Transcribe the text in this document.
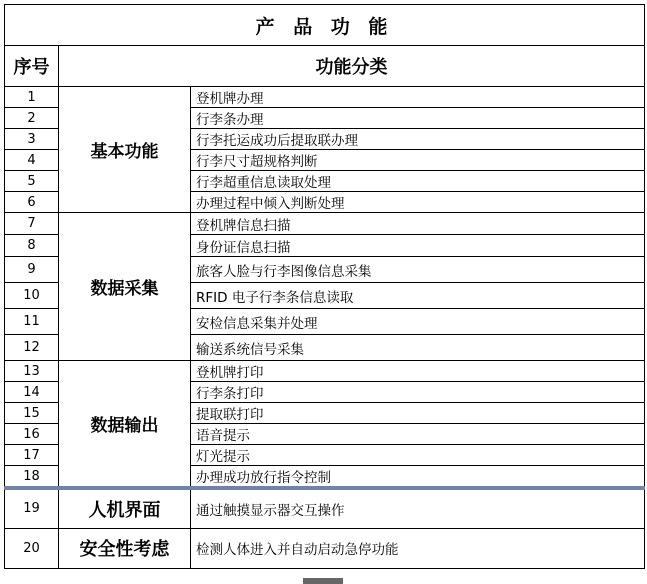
产 品 功 能		
序号	功能分类	
1	基本功能	登机牌办理
2		行李条办理
3		行李托运成功后提取联办理
4		行李尺寸超规格判断
5		行李超重信息读取处理
6		办理过程中倾入判断处理
7	数据采集	登机牌信息扫描
8		身份证信息扫描
9		旅客人脸与行李图像信息采集
10		RFID 电子行李条信息读取
11		安检信息采集并处理
12		输送系统信号采集
13	数据输出	登机牌打印
14		行李条打印
15		提取联打印
16		语音提示
17		灯光提示
18		办理成功放行指令控制
19	人机界面	通过触摸显示器交互操作
20	安全性考虑	检测人体进入并自动启动急停功能
